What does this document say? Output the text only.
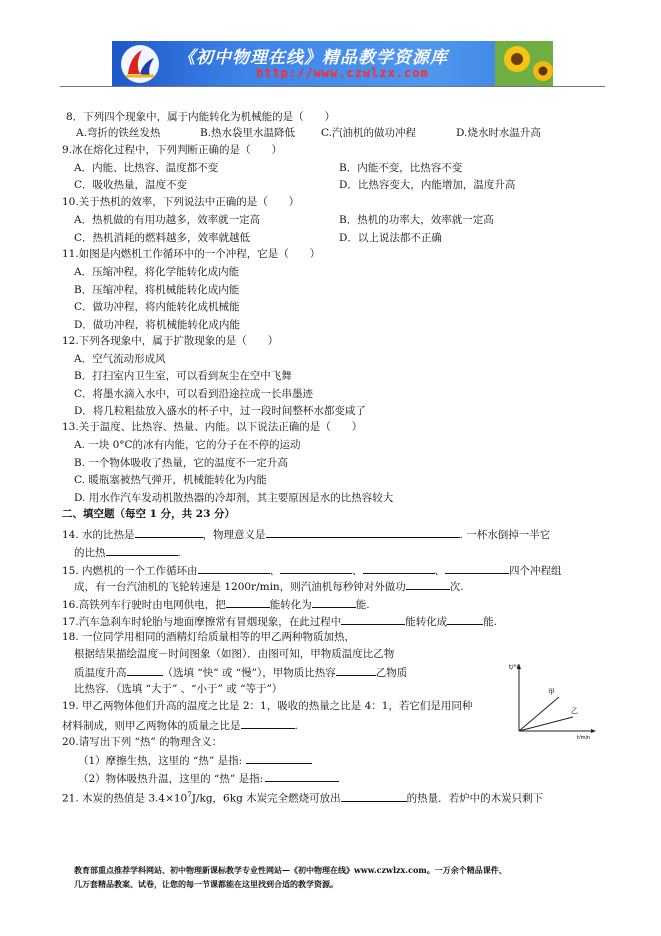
《初中物理在线》精品教学资源库
http://www.czwlzx.com
8．下列四个现象中，属于内能转化为机械能的是（　　）
A.弯折的铁丝发热	B.热水袋里水温降低 C.汽油机的做功冲程	D.烧水时水温升高
9.冰在熔化过程中，下列判断正确的是（　　）
A．内能、比热容、温度都不变	B．内能不变，比热容不变
C．吸收热量，温度不变	D．比热容变大，内能增加，温度升高
10.关于热机的效率，下列说法中正确的是（　　）
A．热机做的有用功越多，效率就一定高	B．热机的功率大，效率就一定高
C．热机消耗的燃料越多，效率就越低	D．以上说法都不正确
11.如图是内燃机工作循环中的一个冲程，它是（　　）
A．压缩冲程，将化学能转化成内能
B．压缩冲程，将机械能转化成内能
C．做功冲程，将内能转化成机械能
D．做功冲程，将机械能转化成内能
12.下列各现象中，属于扩散现象的是（　　）
A．空气流动形成风
B．打扫室内卫生室，可以看到灰尘在空中飞舞
C．将墨水滴入水中，可以看到沿途拉成一长串墨迹
D．将几粒粗盐放入盛水的杯子中，过一段时间整杯水都变咸了
13.关于温度、比热容、热量、内能。以下说法正确的是（　　）
A. 一块 0°C的冰有内能，它的分子在不停的运动
B. 一个物体吸收了热量，它的温度不一定升高
C. 暖瓶塞被热气弹开，机械能转化为内能
D. 用水作汽车发动机散热器的冷却剂，其主要原因是水的比热容较大
二、填空题（每空 1 分，共 23 分）
14. 水的比热是	，物理意义是	. 一杯水倒掉一半它
的比热	.
15. 内燃机的一个工作循环由	、	、	、	四个冲程组
成，有一台汽油机的飞轮转速是 1200r/min，则汽油机每秒钟对外做功	次.
16.高铁列车行驶时由电网供电，把	能转化为	能.
17.汽车急刹车时轮胎与地面摩擦常有冒烟现象，在此过程中	能转化成	能.
18. 一位同学用相同的酒精灯给质量相等的甲乙两种物质加热，
根据结果描绘温度－时间图象（如图）．由图可知，甲物质温度比乙物
质温度升高	（选填 “快” 或 “慢”），甲物质比热容	乙物质
比热容．（选填 “大于” 、“小于” 或 “等于”）
t/°C
t/min
甲
乙
19. 甲乙两物体他们升高的温度之比是 2：1，吸收的热量之比是 4：1，若它们是用同种
材料制成，则甲乙两物体的质量之比是	.
20.请写出下列 “热” 的物理含义：
（1）摩擦生热，这里的 “热” 是指:
（2）物体吸热升温，这里的 “热” 是指:
21. 木炭的热值是 $3.4\times 10^7J/kg$，6kg 木炭完全燃烧可放出	的热量．若炉中的木炭只剩下
教育部重点推荐学科网站、初中物理新课标教学专业性网站—《初中物理在线》www.czwlzx.com。一万余个精品课件、
几万套精品教案、试卷，让您的每一节课都能在这里找到合适的教学资源。
